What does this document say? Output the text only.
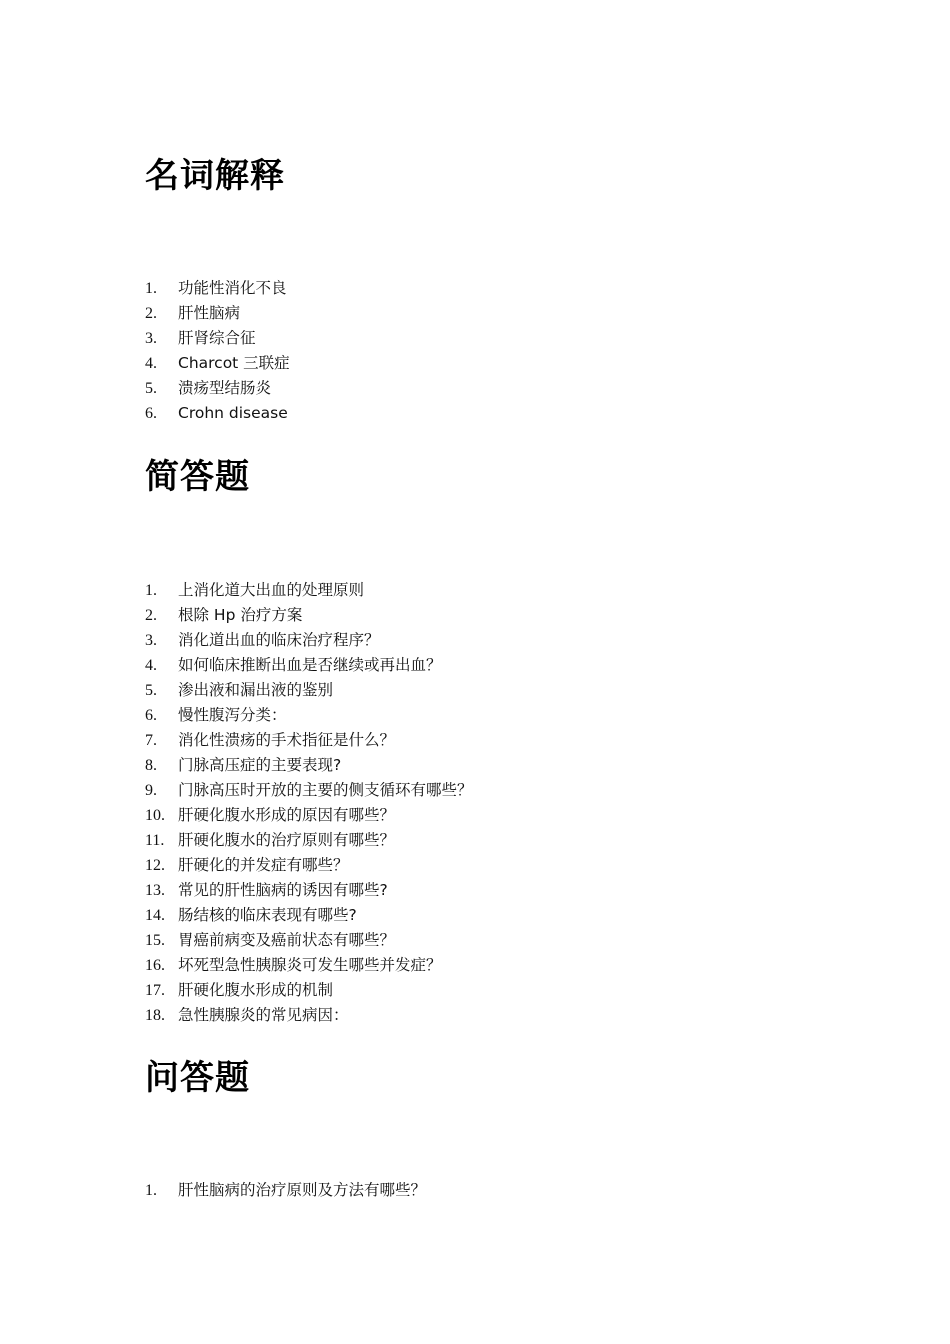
名词解释
1.	功能性消化不良
2.	肝性脑病
3.	肝肾综合征
4.	Charcot 三联症
5.	溃疡型结肠炎
6.	Crohn disease
简答题
1.	上消化道大出血的处理原则
2.	根除 Hp 治疗方案
3.	消化道出血的临床治疗程序？
4.	如何临床推断出血是否继续或再出血？
5.	渗出液和漏出液的鉴别
6.	慢性腹泻分类：
7.	消化性溃疡的手术指征是什么？
8.	门脉高压症的主要表现?
9.	门脉高压时开放的主要的侧支循环有哪些？
10. 肝硬化腹水形成的原因有哪些？
11. 肝硬化腹水的治疗原则有哪些？
12. 肝硬化的并发症有哪些？
13. 常见的肝性脑病的诱因有哪些?
14. 肠结核的临床表现有哪些?
15. 胃癌前病变及癌前状态有哪些？
16. 坏死型急性胰腺炎可发生哪些并发症？
17. 肝硬化腹水形成的机制
18. 急性胰腺炎的常见病因：
问答题
1.	肝性脑病的治疗原则及方法有哪些？
